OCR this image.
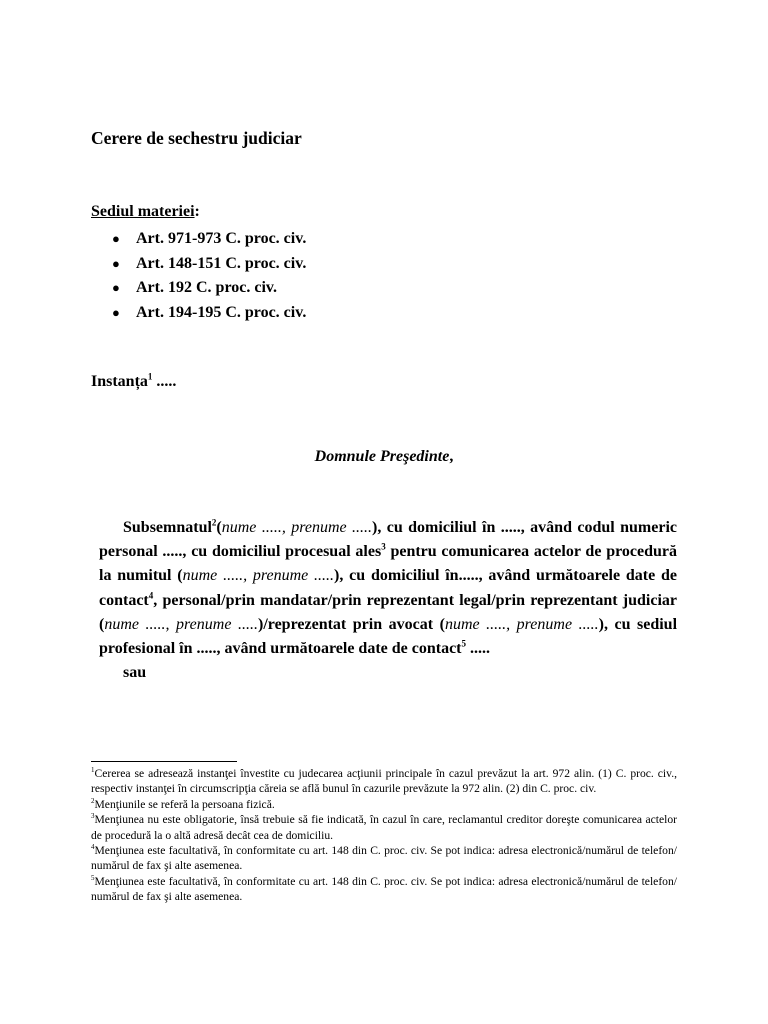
Cerere de sechestru judiciar
Sediul materiei:
● Art. 971-973 C. proc. civ.
● Art. 148-151 C. proc. civ.
● Art. 192 C. proc. civ.
● Art. 194-195 C. proc. civ.
Instanța$^1$ .....
Domnule Preşedinte,

Subsemnatul$^2$(nume ....., prenume .....), cu domiciliul în ....., având codul numeric personal ....., cu domiciliul procesual ales$^3$ pentru comunicarea actelor de procedură la numitul (nume ....., prenume .....), cu domiciliul în....., având următoarele date de contact$^4$, personal/prin mandatar/prin reprezentant legal/prin reprezentant judiciar (nume ....., prenume .....)/reprezentat prin avocat (nume ....., prenume .....), cu sediul profesional în ....., având următoarele date de contact$^5$ .....

sau

$^1$Cererea se adresează instanţei învestite cu judecarea acţiunii principale în cazul prevăzut la art. 972 alin. (1) C. proc. civ., respectiv instanţei în circumscripţia căreia se află bunul în cazurile prevăzute la 972 alin. (2) din C. proc. civ.

$^2$Menţiunile se referă la persoana fizică.

$^3$Menţiunea nu este obligatorie, însă trebuie să fie indicată, în cazul în care, reclamantul creditor doreşte comunicarea actelor de procedură la o altă adresă decât cea de domiciliu.

$^4$Menţiunea este facultativă, în conformitate cu art. 148 din C. proc. civ. Se pot indica: adresa electronică/numărul de telefon/ numărul de fax şi alte asemenea.

$^5$Menţiunea este facultativă, în conformitate cu art. 148 din C. proc. civ. Se pot indica: adresa electronică/numărul de telefon/ numărul de fax şi alte asemenea.
